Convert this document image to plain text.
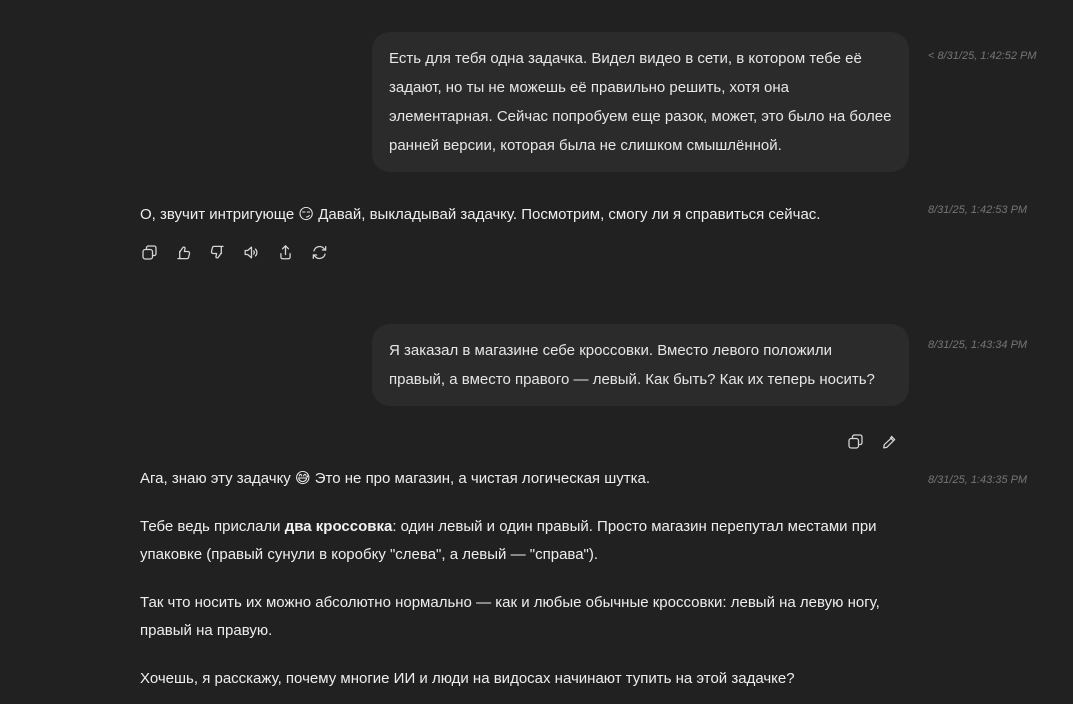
Есть для тебя одна задачка. Видел видео в сети, в котором тебе её задают, но ты не можешь её правильно решить, хотя она элементарная. Сейчас попробуем еще разок, может, это было на более ранней версии, которая была не слишком смышлённой.
< 8/31/25, 1:42:52 PM
О, звучит интригующе 😏 Давай, выкладывай задачку. Посмотрим, смогу ли я справиться сейчас.	8/31/25, 1:42:53 PM
Я заказал в магазине себе кроссовки. Вместо левого положили правый, а вместо правого — левый. Как быть? Как их теперь носить?
8/31/25, 1:43:34 PM

Ага, знаю эту задачку 😅 Это не про магазин, а чистая логическая шутка.

Тебе ведь прислали два кроссовка: один левый и один правый. Просто магазин перепутал местами при упаковке (правый сунули в коробку "слева", а левый — "справа").

Так что носить их можно абсолютно нормально — как и любые обычные кроссовки: левый на левую ногу, правый на правую.

Хочешь, я расскажу, почему многие ИИ и люди на видосах начинают тупить на этой задачке?

8/31/25, 1:43:35 PM
